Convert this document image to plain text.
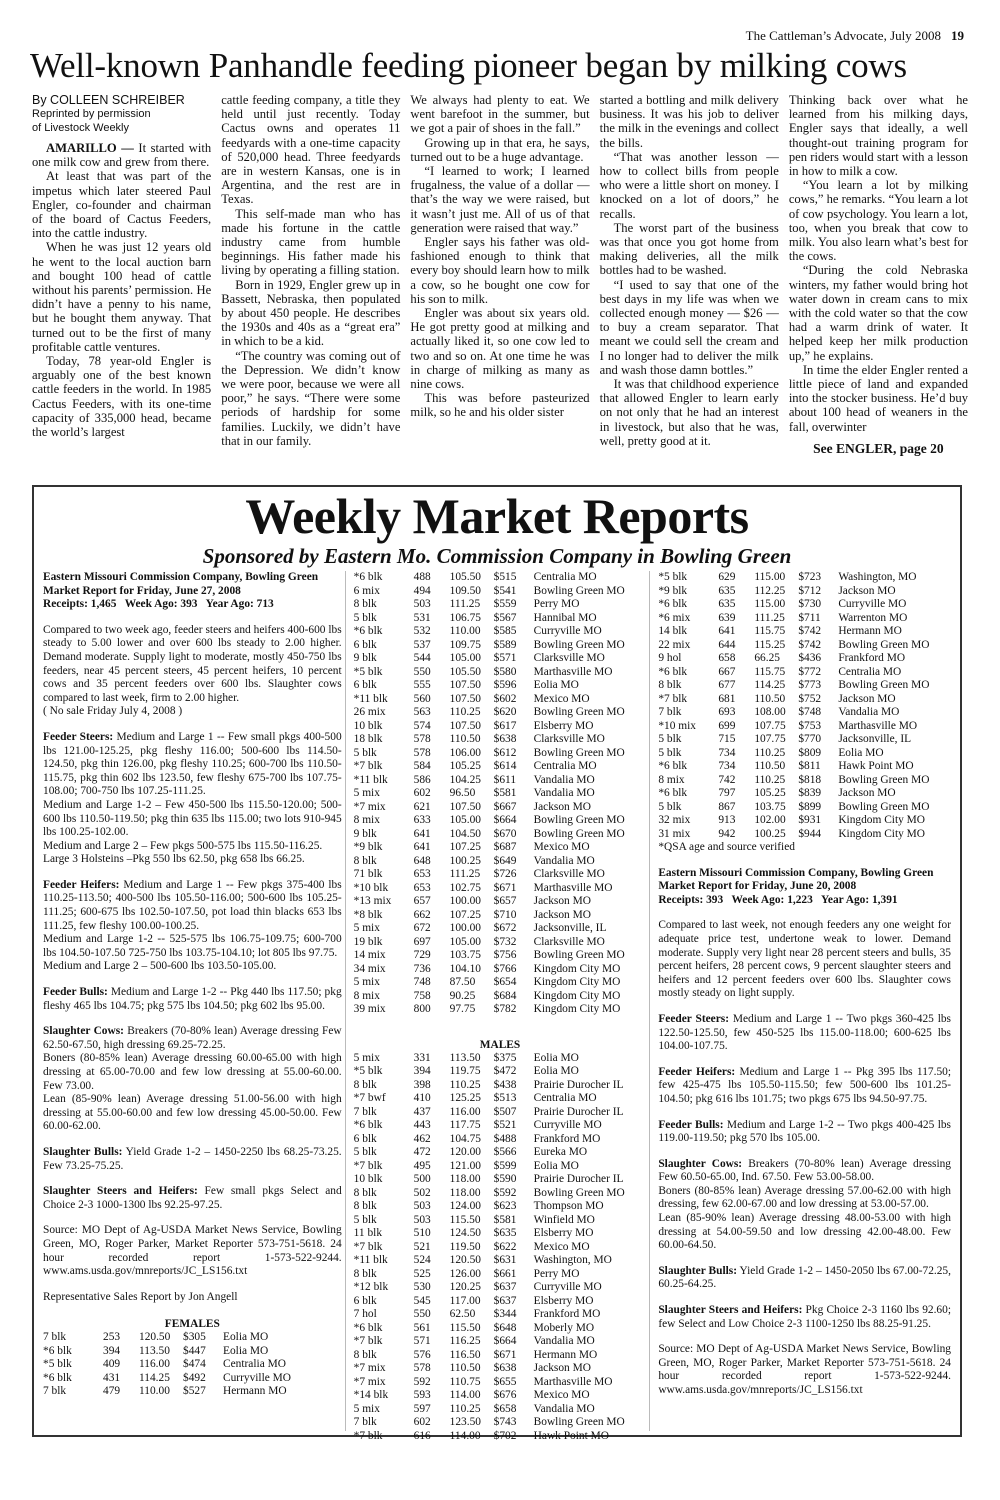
The Cattleman’s Advocate, July 2008 19
Well-known Panhandle feeding pioneer began by milking cows
By COLLEEN SCHREIBER
Reprinted by permission
of Livestock Weekly

AMARILLO — It started with one milk cow and grew from there.

At least that was part of the impetus which later steered Paul Engler, co-founder and chairman of the board of Cactus Feeders, into the cattle industry.

When he was just 12 years old he went to the local auction barn and bought 100 head of cattle without his parents’ permission. He didn’t have a penny to his name, but he bought them anyway. That turned out to be the first of many profitable cattle ventures.

Today, 78 year-old Engler is arguably one of the best known cattle feeders in the world. In 1985 Cactus Feeders, with its one-time capacity of 335,000 head, became the world’s largest

cattle feeding company, a title they held until just recently. Today Cactus owns and operates 11 feedyards with a one-time capacity of 520,000 head. Three feedyards are in western Kansas, one is in Argentina, and the rest are in Texas.

This self-made man who has made his fortune in the cattle industry came from humble beginnings. His father made his living by operating a filling station.

Born in 1929, Engler grew up in Bassett, Nebraska, then populated by about 450 people. He describes the 1930s and 40s as a “great era” in which to be a kid.

“The country was coming out of the Depression. We didn’t know we were poor, because we were all poor,” he says. “There were some periods of hardship for some families. Luckily, we didn’t have that in our family.

We always had plenty to eat. We went barefoot in the summer, but we got a pair of shoes in the fall.”

Growing up in that era, he says, turned out to be a huge advantage.

“I learned to work; I learned frugalness, the value of a dollar — that’s the way we were raised, but it wasn’t just me. All of us of that generation were raised that way.”

Engler says his father was old-fashioned enough to think that every boy should learn how to milk a cow, so he bought one cow for his son to milk.

Engler was about six years old. He got pretty good at milking and actually liked it, so one cow led to two and so on. At one time he was in charge of milking as many as nine cows.

This was before pasteurized milk, so he and his older sister

started a bottling and milk delivery business. It was his job to deliver the milk in the evenings and collect the bills.

“That was another lesson — how to collect bills from people who were a little short on money. I knocked on a lot of doors,” he recalls.

The worst part of the business was that once you got home from making deliveries, all the milk bottles had to be washed.

“I used to say that one of the best days in my life was when we collected enough money — $26 — to buy a cream separator. That meant we could sell the cream and I no longer had to deliver the milk and wash those damn bottles.”

It was that childhood experience that allowed Engler to learn early on not only that he had an interest in livestock, but also that he was, well, pretty good at it.

Thinking back over what he learned from his milking days, Engler says that ideally, a well thought-out training program for pen riders would start with a lesson in how to milk a cow.

“You learn a lot by milking cows,” he remarks. “You learn a lot of cow psychology. You learn a lot, too, when you break that cow to milk. You also learn what’s best for the cows.

“During the cold Nebraska winters, my father would bring hot water down in cream cans to mix with the cold water so that the cow had a warm drink of water. It helped keep her milk production up,” he explains.

In time the elder Engler rented a little piece of land and expanded into the stocker business. He’d buy about 100 head of weaners in the fall, overwinter

See ENGLER, page 20

Weekly Market Reports
Sponsored by Eastern Mo. Commission Company in Bowling Green
Eastern Missouri Commission Company, Bowling Green
Market Report for Friday, June 27, 2008
Receipts: 1,465   Week Ago: 393   Year Ago: 713

Compared to two week ago, feeder steers and heifers 400-600 lbs steady to 5.00 lower and over 600 lbs steady to 2.00 higher. Demand moderate. Supply light to moderate, mostly 450-750 lbs feeders, near 45 percent steers, 45 percent heifers, 10 percent cows and 35 percent feeders over 600 lbs. Slaughter cows compared to last week, firm to 2.00 higher.

( No sale Friday July 4, 2008 )

Feeder Steers: Medium and Large 1 -- Few small pkgs 400-500 lbs 121.00-125.25, pkg fleshy 116.00; 500-600 lbs 114.50-124.50, pkg thin 126.00, pkg fleshy 110.25; 600-700 lbs 110.50-115.75, pkg thin 602 lbs 123.50, few fleshy 675-700 lbs 107.75-108.00; 700-750 lbs 107.25-111.25.
Medium and Large 1-2 – Few 450-500 lbs 115.50-120.00; 500-600 lbs 110.50-119.50; pkg thin 635 lbs 115.00; two lots 910-945 lbs 100.25-102.00.
Medium and Large 2 – Few pkgs 500-575 lbs 115.50-116.25.
Large 3 Holsteins –Pkg 550 lbs 62.50, pkg 658 lbs 66.25.

Feeder Heifers: Medium and Large 1 -- Few pkgs 375-400 lbs 110.25-113.50; 400-500 lbs 105.50-116.00; 500-600 lbs 105.25-111.25; 600-675 lbs 102.50-107.50, pot load thin blacks 653 lbs 111.25, few fleshy 100.00-100.25.
Medium and Large 1-2 -- 525-575 lbs 106.75-109.75; 600-700 lbs 104.50-107.50 725-750 lbs 103.75-104.10; lot 805 lbs 97.75.
Medium and Large 2 – 500-600 lbs 103.50-105.00.

Feeder Bulls: Medium and Large 1-2 -- Pkg 440 lbs 117.50; pkg fleshy 465 lbs 104.75; pkg 575 lbs 104.50; pkg 602 lbs 95.00.

Slaughter Cows: Breakers (70-80% lean) Average dressing Few 62.50-67.50, high dressing 69.25-72.25.
Boners (80-85% lean) Average dressing 60.00-65.00 with high dressing at 65.00-70.00 and few low dressing at 55.00-60.00. Few 73.00.
Lean (85-90% lean) Average dressing 51.00-56.00 with high dressing at 55.00-60.00 and few low dressing 45.00-50.00. Few 60.00-62.00.

Slaughter Bulls: Yield Grade 1-2 – 1450-2250 lbs 68.25-73.25. Few 73.25-75.25.

Slaughter Steers and Heifers: Few small pkgs Select and Choice 2-3 1000-1300 lbs 92.25-97.25.

Source: MO Dept of Ag-USDA Market News Service, Bowling Green, MO, Roger Parker, Market Reporter 573-751-5618. 24 hour recorded report 1-573-522-9244. www.ams.usda.gov/mnreports/JC_LS156.txt

Representative Sales Report by Jon Angell

FEMALES
7 blk	253	120.50	$305	Eolia MO
*6 blk	394	113.50	$447	Eolia MO
*5 blk	409	116.00	$474	Centralia MO
*6 blk	431	114.25	$492	Curryville MO
7 blk	479	110.00	$527	Hermann MO
*6 blk	488	105.50	$515	Centralia MO
6 mix	494	109.50	$541	Bowling Green MO
8 blk	503	111.25	$559	Perry MO
5 blk	531	106.75	$567	Hannibal MO
*6 blk	532	110.00	$585	Curryville MO
6 blk	537	109.75	$589	Bowling Green MO
9 blk	544	105.00	$571	Clarksville MO
*5 blk	550	105.50	$580	Marthasville MO
6 blk	555	107.50	$596	Eolia MO
*11 blk	560	107.50	$602	Mexico MO
26 mix	563	110.25	$620	Bowling Green MO
10 blk	574	107.50	$617	Elsberry MO
18 blk	578	110.50	$638	Clarksville MO
5 blk	578	106.00	$612	Bowling Green MO
*7 blk	584	105.25	$614	Centralia MO
*11 blk	586	104.25	$611	Vandalia MO
5 mix	602	96.50	$581	Vandalia MO
*7 mix	621	107.50	$667	Jackson MO
8 mix	633	105.00	$664	Bowling Green MO
9 blk	641	104.50	$670	Bowling Green MO
*9 blk	641	107.25	$687	Mexico MO
8 blk	648	100.25	$649	Vandalia MO
71 blk	653	111.25	$726	Clarksville MO
*10 blk	653	102.75	$671	Marthasville MO
*13 mix	657	100.00	$657	Jackson MO
*8 blk	662	107.25	$710	Jackson MO
5 mix	672	100.00	$672	Jacksonville, IL
19 blk	697	105.00	$732	Clarksville MO
14 mix	729	103.75	$756	Bowling Green MO
34 mix	736	104.10	$766	Kingdom City MO
5 mix	748	87.50	$654	Kingdom City MO
8 mix	758	90.25	$684	Kingdom City MO
39 mix	800	97.75	$782	Kingdom City MO
MALES
5 mix	331	113.50	$375	Eolia MO
*5 blk	394	119.75	$472	Eolia MO
8 blk	398	110.25	$438	Prairie Durocher IL
*7 bwf	410	125.25	$513	Centralia MO
7 blk	437	116.00	$507	Prairie Durocher IL
*6 blk	443	117.75	$521	Curryville MO
6 blk	462	104.75	$488	Frankford MO
5 blk	472	120.00	$566	Eureka MO
*7 blk	495	121.00	$599	Eolia MO
10 blk	500	118.00	$590	Prairie Durocher IL
8 blk	502	118.00	$592	Bowling Green MO
8 blk	503	124.00	$623	Thompson MO
5 blk	503	115.50	$581	Winfield MO
11 blk	510	124.50	$635	Elsberry MO
*7 blk	521	119.50	$622	Mexico MO
*11 blk	524	120.50	$631	Washington, MO
8 blk	525	126.00	$661	Perry MO
*12 blk	530	120.25	$637	Curryville MO
6 blk	545	117.00	$637	Elsberry MO
7 hol	550	62.50	$344	Frankford MO
*6 blk	561	115.50	$648	Moberly MO
*7 blk	571	116.25	$664	Vandalia MO
8 blk	576	116.50	$671	Hermann MO
*7 mix	578	110.50	$638	Jackson MO
*7 mix	592	110.75	$655	Marthasville MO
*14 blk	593	114.00	$676	Mexico MO
5 mix	597	110.25	$658	Vandalia MO
7 blk	602	123.50	$743	Bowling Green MO
*7 blk	616	114.00	$702	Hawk Point MO
*5 blk	629	115.00	$723	Washington, MO
*9 blk	635	112.25	$712	Jackson MO
*6 blk	635	115.00	$730	Curryville MO
*6 mix	639	111.25	$711	Warrenton MO
14 blk	641	115.75	$742	Hermann MO
22 mix	644	115.25	$742	Bowling Green MO
9 hol	658	66.25	$436	Frankford MO
*6 blk	667	115.75	$772	Centralia MO
8 blk	677	114.25	$773	Bowling Green MO
*7 blk	681	110.50	$752	Jackson MO
7 blk	693	108.00	$748	Vandalia MO
*10 mix	699	107.75	$753	Marthasville MO
5 blk	715	107.75	$770	Jacksonville, IL
5 blk	734	110.25	$809	Eolia MO
*6 blk	734	110.50	$811	Hawk Point MO
8 mix	742	110.25	$818	Bowling Green MO
*6 blk	797	105.25	$839	Jackson MO
5 blk	867	103.75	$899	Bowling Green MO
32 mix	913	102.00	$931	Kingdom City MO
31 mix	942	100.25	$944	Kingdom City MO

*QSA age and source verified

Eastern Missouri Commission Company, Bowling Green
Market Report for Friday, June 20, 2008
Receipts: 393   Week Ago: 1,223   Year Ago: 1,391

Compared to last week, not enough feeders any one weight for adequate price test, undertone weak to lower. Demand moderate. Supply very light near 28 percent steers and bulls, 35 percent heifers, 28 percent cows, 9 percent slaughter steers and heifers and 12 percent feeders over 600 lbs. Slaughter cows mostly steady on light supply.

Feeder Steers: Medium and Large 1 -- Two pkgs 360-425 lbs 122.50-125.50, few 450-525 lbs 115.00-118.00; 600-625 lbs 104.00-107.75.

Feeder Heifers: Medium and Large 1 -- Pkg 395 lbs 117.50; few 425-475 lbs 105.50-115.50; few 500-600 lbs 101.25-104.50; pkg 616 lbs 101.75; two pkgs 675 lbs 94.50-97.75.

Feeder Bulls: Medium and Large 1-2 -- Two pkgs 400-425 lbs 119.00-119.50; pkg 570 lbs 105.00.

Slaughter Cows: Breakers (70-80% lean) Average dressing Few 60.50-65.00, Ind. 67.50. Few 53.00-58.00.
Boners (80-85% lean) Average dressing 57.00-62.00 with high dressing, few 62.00-67.00 and low dressing at 53.00-57.00.
Lean (85-90% lean) Average dressing 48.00-53.00 with high dressing at 54.00-59.50 and low dressing 42.00-48.00. Few 60.00-64.50.

Slaughter Bulls: Yield Grade 1-2 – 1450-2050 lbs 67.00-72.25, 60.25-64.25.

Slaughter Steers and Heifers: Pkg Choice 2-3 1160 lbs 92.60; few Select and Low Choice 2-3 1100-1250 lbs 88.25-91.25.

Source: MO Dept of Ag-USDA Market News Service, Bowling Green, MO, Roger Parker, Market Reporter 573-751-5618. 24 hour recorded report 1-573-522-9244. www.ams.usda.gov/mnreports/JC_LS156.txt
